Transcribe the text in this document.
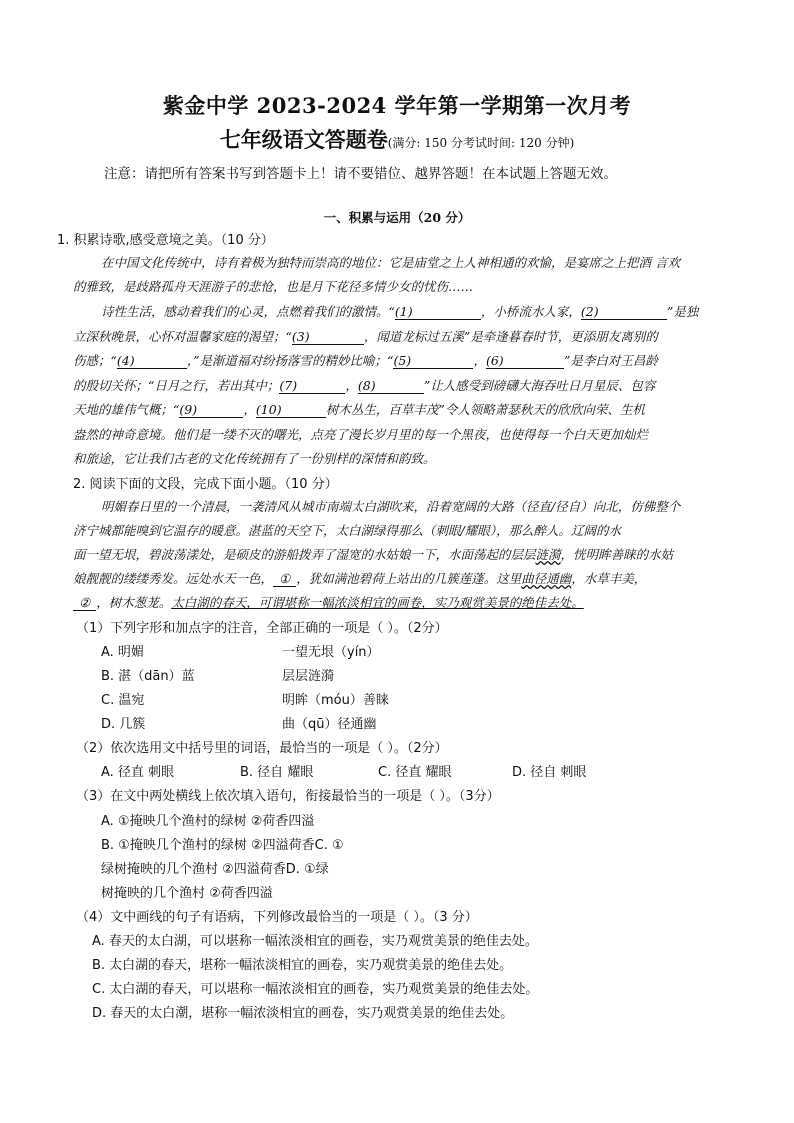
紫金中学 2023-2024 学年第一学期第一次月考
七年级语文答题卷(满分: 150 分考试时间: 120 分钟)
注意：请把所有答案书写到答题卡上！请不要错位、越界答题！在本试题上答题无效。
一、积累与运用（20 分）
1. 积累诗歌,感受意境之美。（10 分）
在中国文化传统中，诗有着极为独特而崇高的地位：它是庙堂之上人神相通的欢愉，是宴席之上把酒 言欢
的雅致，是歧路孤舟天涯游子的悲怆，也是月下花径多情少女的忧伤……
诗性生活，感动着我们的心灵，点燃着我们的激情。“(1)	，小桥流水人家，(2)	”是独
立深秋晚景，心怀对温馨家庭的渴望；“(3)	，闻道龙标过五溪”是牵逢暮春时节，更添朋友离别的
伤感；“(4)	，”是渐道福对纷扬落雪的精妙比喻；“(5)	，(6)	”是李白对王昌龄
的殷切关怀；“日月之行，若出其中；(7)	，(8)	”让人感受到磅礴大海吞吐日月星辰、包容
天地的雄伟气概；“(9)	，(10)	树木丛生，百草丰茂”令人领略萧瑟秋天的欣欣向荣、生机
盎然的神奇意境。他们是一缕不灭的曙光，点亮了漫长岁月里的每一个黑夜，也使得每一个白天更加灿烂
和旅途，它让我们古老的文化传统拥有了一份别样的深情和韵致。
2. 阅读下面的文段，完成下面小题。（10 分）
明媚春日里的一个清晨，一袭清风从城市南端太白湖吹来，沿着宽阔的大路（径直/径自）向北，仿佛整个
济宁城都能嗅到它温存的暖意。湛蓝的天空下，太白湖绿得那么（刺眼/耀眼），那么醉人。辽阔的水
面一望无垠，碧波荡漾处，是硕皮的游船拨弄了湿宽的水姑娘一下，水面荡起的层层涟漪，恍明眸善睐的水姑
娘靓靓的缕缕秀发。远处水天一色， ① ，犹如满池碧荷上站出的几簇莲蓬。这里曲径通幽，水草丰美，
② ，树木葱茏。太白湖的春天，可谓堪称一幅浓淡相宜的画卷，实乃观赏美景的绝佳去处。
（1）下列字形和加点字的注音，全部正确的一项是（ ）。（2分）
A. 明媚	一望无垠（yín）
B. 湛（dān）蓝	层层涟漪
C. 温宛	明眸（móu）善睐
D. 几簇	曲（qū）径通幽
（2）依次选用文中括号里的词语，最恰当的一项是（ ）。（2分）
A. 径直 刺眼	B. 径自 耀眼	C. 径直 耀眼	D. 径自 刺眼
（3）在文中两处横线上依次填入语句，衔接最恰当的一项是（ ）。（3分）
A. ①掩映几个渔村的绿树 ②荷香四溢
B. ①掩映几个渔村的绿树 ②四溢荷香C. ①
绿树掩映的几个渔村 ②四溢荷香D. ①绿
树掩映的几个渔村 ②荷香四溢
（4）文中画线的句子有语病，下列修改最恰当的一项是（ ）。（3 分）
A. 春天的太白湖，可以堪称一幅浓淡相宜的画卷，实乃观赏美景的绝佳去处。
B. 太白湖的春天，堪称一幅浓淡相宜的画卷，实乃观赏美景的绝佳去处。
C. 太白湖的春天，可以堪称一幅浓淡相宜的画卷，实乃观赏美景的绝佳去处。
D. 春天的太白潮，堪称一幅浓淡相宜的画卷，实乃观赏美景的绝佳去处。
